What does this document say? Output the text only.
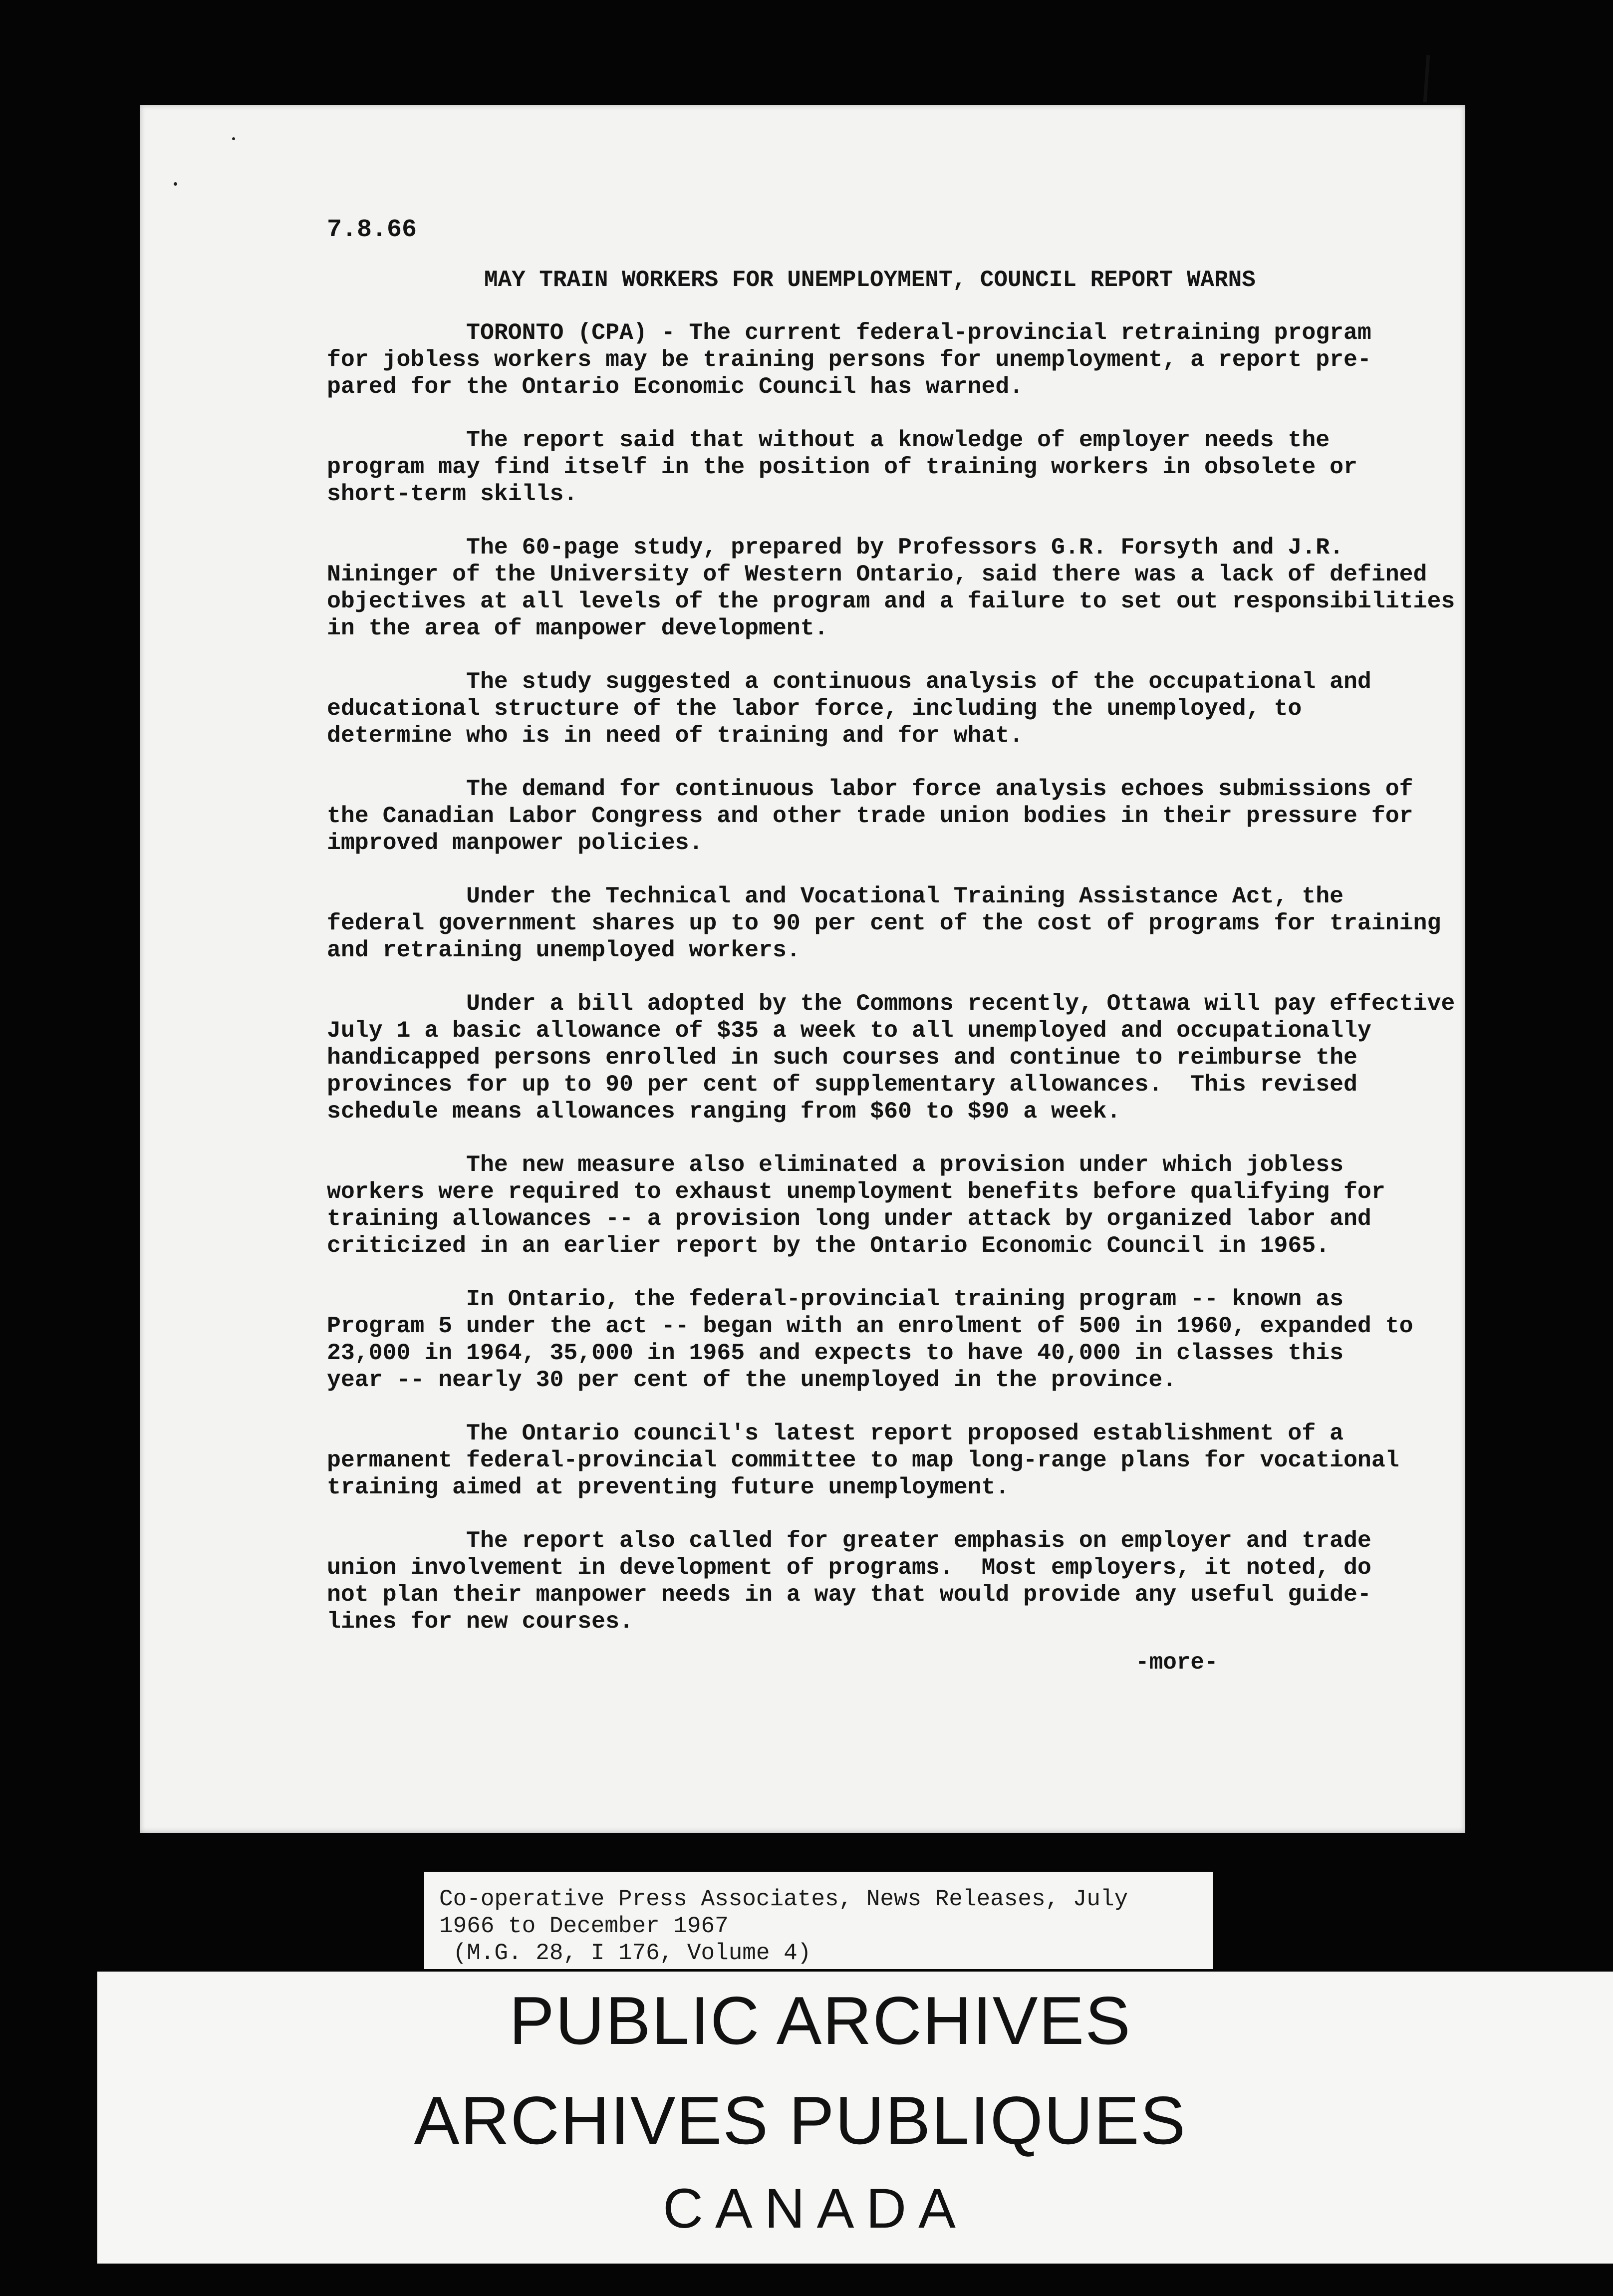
7.8.66
MAY TRAIN WORKERS FOR UNEMPLOYMENT, COUNCIL REPORT WARNS

TORONTO (CPA) - The current federal-provincial retraining program
for jobless workers may be training persons for unemployment, a report pre-
pared for the Ontario Economic Council has warned.

The report said that without a knowledge of employer needs the
program may find itself in the position of training workers in obsolete or
short-term skills.

The 60-page study, prepared by Professors G.R. Forsyth and J.R.
Nininger of the University of Western Ontario, said there was a lack of defined
objectives at all levels of the program and a failure to set out responsibilities
in the area of manpower development.

The study suggested a continuous analysis of the occupational and
educational structure of the labor force, including the unemployed, to
determine who is in need of training and for what.

The demand for continuous labor force analysis echoes submissions of
the Canadian Labor Congress and other trade union bodies in their pressure for
improved manpower policies.

Under the Technical and Vocational Training Assistance Act, the
federal government shares up to 90 per cent of the cost of programs for training
and retraining unemployed workers.

Under a bill adopted by the Commons recently, Ottawa will pay effective
July 1 a basic allowance of $35 a week to all unemployed and occupationally
handicapped persons enrolled in such courses and continue to reimburse the
provinces for up to 90 per cent of supplementary allowances.  This revised
schedule means allowances ranging from $60 to $90 a week.

The new measure also eliminated a provision under which jobless
workers were required to exhaust unemployment benefits before qualifying for
training allowances -- a provision long under attack by organized labor and
criticized in an earlier report by the Ontario Economic Council in 1965.

In Ontario, the federal-provincial training program -- known as
Program 5 under the act -- began with an enrolment of 500 in 1960, expanded to
23,000 in 1964, 35,000 in 1965 and expects to have 40,000 in classes this
year -- nearly 30 per cent of the unemployed in the province.

The Ontario council's latest report proposed establishment of a
permanent federal-provincial committee to map long-range plans for vocational
training aimed at preventing future unemployment.

The report also called for greater emphasis on employer and trade
union involvement in development of programs.  Most employers, it noted, do
not plan their manpower needs in a way that would provide any useful guide-
lines for new courses.

-more-
Co-operative Press Associates, News Releases, July
1966 to December 1967
(M.G. 28, I 176, Volume 4)
PUBLIC ARCHIVES
ARCHIVES PUBLIQUES
CANADA
